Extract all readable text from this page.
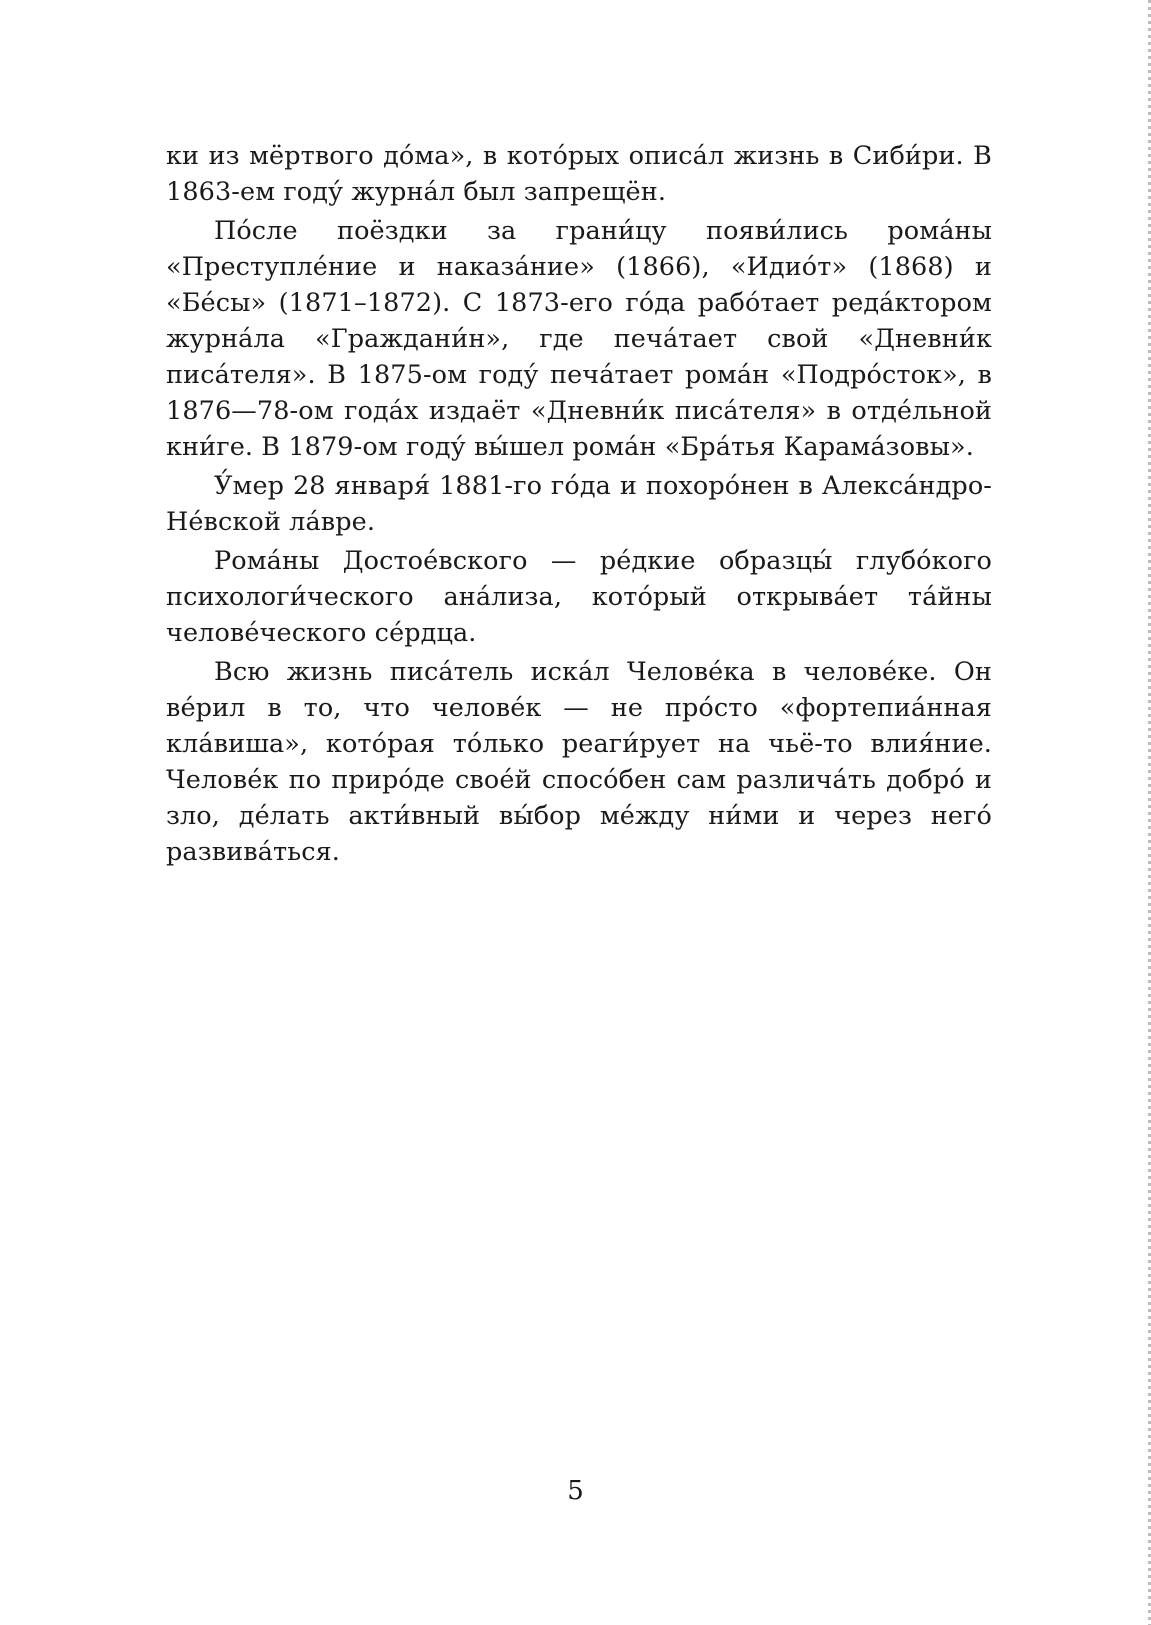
ки из мёртвого до́ма», в кото́рых описа́л жизнь в Сиби́ри. В 1863-ем году́ журна́л был запрещён.

По́сле поёздки за грани́цу появи́лись рома́ны «Преступле́ние и наказа́ние» (1866), «Идио́т» (1868) и «Бе́сы» (1871–1872). С 1873-его го́да рабо́тает реда́ктором журна́ла «Граждани́н», где печа́тает свой «Дневни́к писа́теля». В 1875-ом году́ печа́тает рома́н «Подро́сток», в 1876—78-ом года́х издаёт «Дневни́к писа́теля» в отде́льной кни́ге. В 1879-ом году́ вы́шел рома́н «Бра́тья Карама́зовы».

У́мер 28 января́ 1881-го го́да и похоро́нен в Алекса́ндро-Не́вской ла́вре.

Рома́ны Достое́вского — ре́дкие образцы́ глубо́кого психологи́ческого ана́лиза, кото́рый открыва́ет та́йны челове́ческого се́рдца.

Всю жизнь писа́тель иска́л Челове́ка в челове́ке. Он ве́рил в то, что челове́к — не про́сто «фортепиа́нная кла́виша», кото́рая то́лько реаги́рует на чьё-то влия́ние. Челове́к по приро́де свое́й спосо́бен сам различа́ть добро́ и зло, де́лать акти́вный вы́бор ме́жду ни́ми и через него́ развива́ться.

5
